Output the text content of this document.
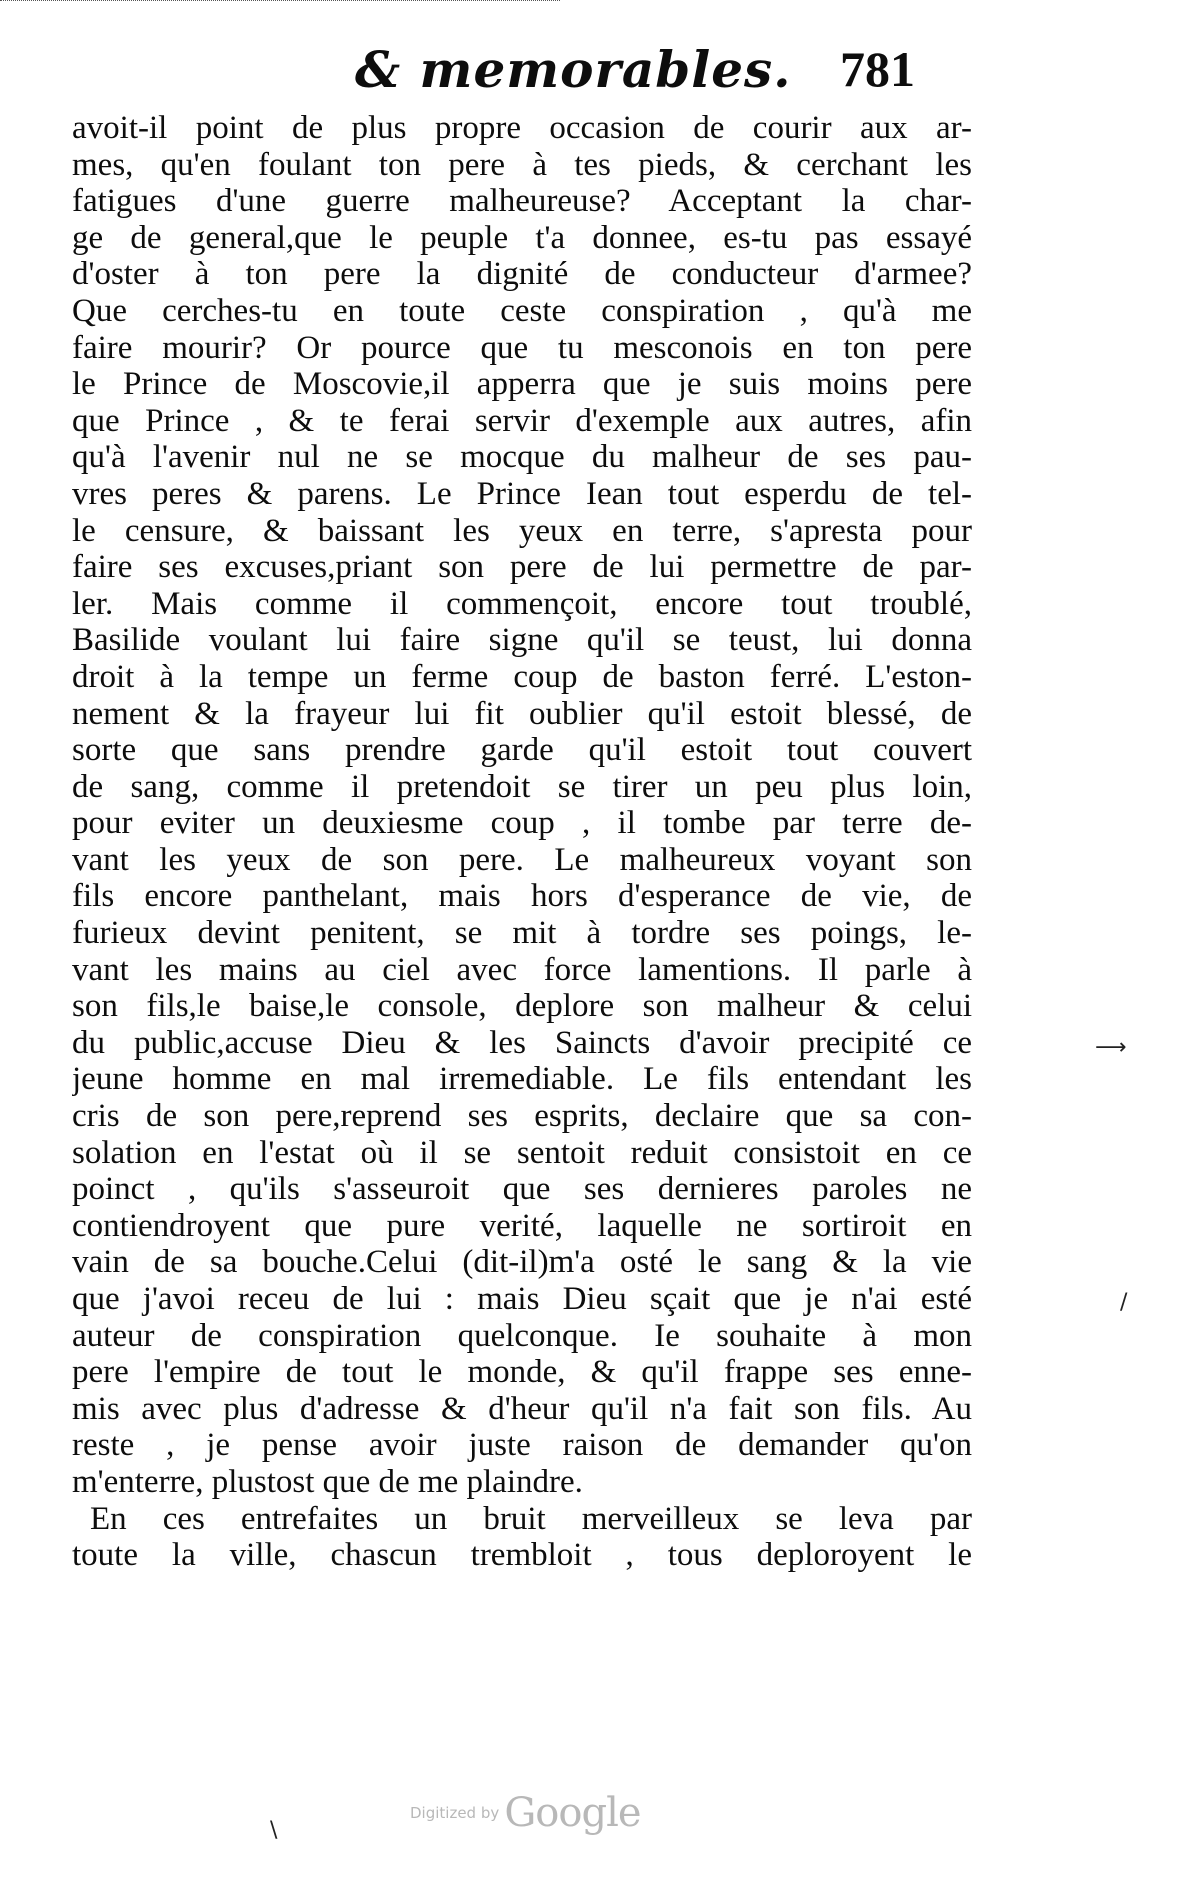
& memorables. 781
avoit-il point de plus propre occasion de courir aux ar-
mes, qu'en foulant ton pere à tes pieds, & cerchant les
fatigues d'une guerre malheureuse? Acceptant la char-
ge de general,que le peuple t'a donnee, es-tu pas essayé
d'oster à ton pere la dignité de conducteur d'armee?
Que cerches-tu en toute ceste conspiration , qu'à me
faire mourir? Or pource que tu mesconois en ton pere
le Prince de Moscovie,il apperra que je suis moins pere
que Prince , & te ferai servir d'exemple aux autres, afin
qu'à l'avenir nul ne se mocque du malheur de ses pau-
vres peres & parens. Le Prince Iean tout esperdu de tel-
le censure, & baissant les yeux en terre, s'apresta pour
faire ses excuses,priant son pere de lui permettre de par-
ler. Mais comme il commençoit, encore tout troublé,
Basilide voulant lui faire signe qu'il se teust, lui donna
droit à la tempe un ferme coup de baston ferré. L'eston-
nement & la frayeur lui fit oublier qu'il estoit blessé, de
sorte que sans prendre garde qu'il estoit tout couvert
de sang, comme il pretendoit se tirer un peu plus loin,
pour eviter un deuxiesme coup , il tombe par terre de-
vant les yeux de son pere. Le malheureux voyant son
fils encore panthelant, mais hors d'esperance de vie, de
furieux devint penitent, se mit à tordre ses poings, le-
vant les mains au ciel avec force lamentions. Il parle à
son fils,le baise,le console, deplore son malheur & celui
du public,accuse Dieu & les Saincts d'avoir precipité ce
jeune homme en mal irremediable. Le fils entendant les
cris de son pere,reprend ses esprits, declaire que sa con-
solation en l'estat où il se sentoit reduit consistoit en ce
poinct , qu'ils s'asseuroit que ses dernieres paroles ne
contiendroyent que pure verité, laquelle ne sortiroit en
vain de sa bouche.Celui (dit-il)m'a osté le sang & la vie
que j'avoi receu de lui : mais Dieu sçait que je n'ai esté
auteur de conspiration quelconque. Ie souhaite à mon
pere l'empire de tout le monde, & qu'il frappe ses enne-
mis avec plus d'adresse & d'heur qu'il n'a fait son fils. Au
reste , je pense avoir juste raison de demander qu'on
m'enterre, plustost que de me plaindre.
En ces entrefaites un bruit merveilleux se leva par
toute la ville, chascun trembloit , tous deploroyent le
⟶
/
\
Digitized by Google
